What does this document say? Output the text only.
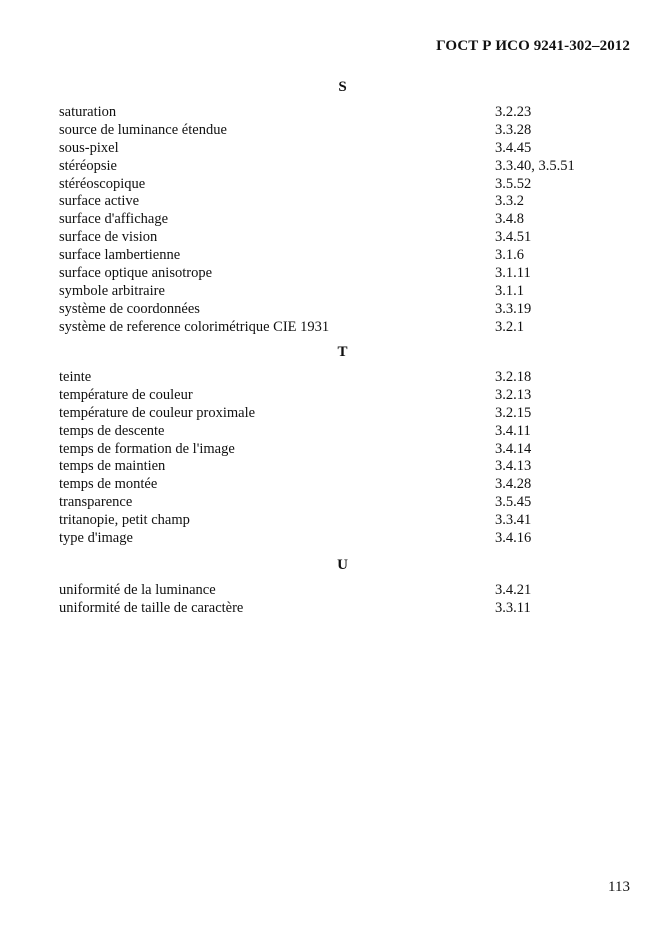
ГОСТ Р ИСО 9241-302–2012
S
saturation	3.2.23
source de luminance étendue	3.3.28
sous-pixel	3.4.45
stéréopsie	3.3.40, 3.5.51
stéréoscopique	3.5.52
surface active	3.3.2
surface d'affichage	3.4.8
surface de vision	3.4.51
surface lambertienne	3.1.6
surface optique anisotrope	3.1.11
symbole arbitraire	3.1.1
système de coordonnées	3.3.19
système de reference colorimétrique CIE 1931	3.2.1
T
teinte	3.2.18
température de couleur	3.2.13
température de couleur proximale	3.2.15
temps de descente	3.4.11
temps de formation de l'image	3.4.14
temps de maintien	3.4.13
temps de montée	3.4.28
transparence	3.5.45
tritanopie, petit champ	3.3.41
type d'image	3.4.16
U
uniformité de la luminance	3.4.21
uniformité de taille de caractère	3.3.11
113
